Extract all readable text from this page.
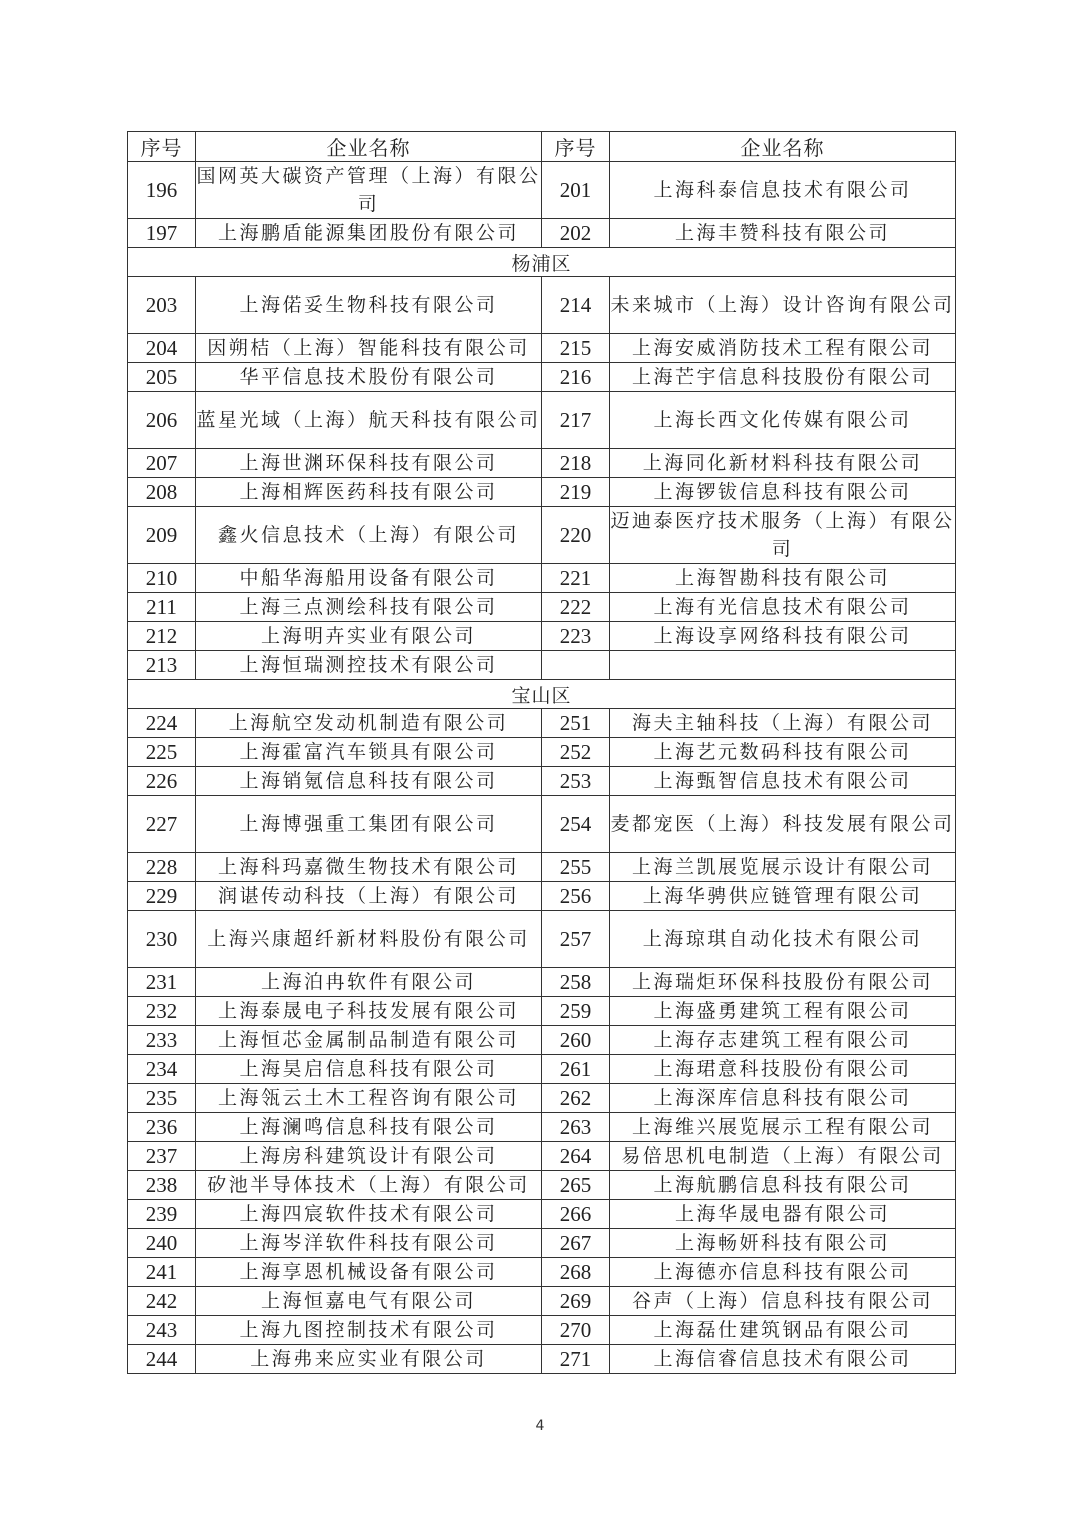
序号	企业名称	序号	企业名称
196	国网英大碳资产管理（上海）有限公司	201	上海科泰信息技术有限公司
197	上海鹏盾能源集团股份有限公司	202	上海丰赞科技有限公司
杨浦区			
203	上海偌妥生物科技有限公司	214	未来城市（上海）设计咨询有限公司
204	因朔桔（上海）智能科技有限公司	215	上海安威消防技术工程有限公司
205	华平信息技术股份有限公司	216	上海芒宇信息科技股份有限公司
206	蓝星光域（上海）航天科技有限公司	217	上海长西文化传媒有限公司
207	上海世渊环保科技有限公司	218	上海同化新材料科技有限公司
208	上海相辉医药科技有限公司	219	上海锣钹信息科技有限公司
209	鑫火信息技术（上海）有限公司	220	迈迪泰医疗技术服务（上海）有限公司
210	中船华海船用设备有限公司	221	上海智勘科技有限公司
211	上海三点测绘科技有限公司	222	上海有光信息技术有限公司
212	上海明卉实业有限公司	223	上海设享网络科技有限公司
213	上海恒瑞测控技术有限公司		
宝山区			
224	上海航空发动机制造有限公司	251	海夫主轴科技（上海）有限公司
225	上海霍富汽车锁具有限公司	252	上海艺元数码科技有限公司
226	上海销氪信息科技有限公司	253	上海甄智信息技术有限公司
227	上海博强重工集团有限公司	254	麦都宠医（上海）科技发展有限公司
228	上海科玛嘉微生物技术有限公司	255	上海兰凯展览展示设计有限公司
229	润谌传动科技（上海）有限公司	256	上海华骋供应链管理有限公司
230	上海兴康超纤新材料股份有限公司	257	上海琼琪自动化技术有限公司
231	上海泊冉软件有限公司	258	上海瑞炬环保科技股份有限公司
232	上海泰晟电子科技发展有限公司	259	上海盛勇建筑工程有限公司
233	上海恒芯金属制品制造有限公司	260	上海存志建筑工程有限公司
234	上海昊启信息科技有限公司	261	上海珺意科技股份有限公司
235	上海瓴云土木工程咨询有限公司	262	上海深库信息科技有限公司
236	上海澜鸣信息科技有限公司	263	上海维兴展览展示工程有限公司
237	上海房科建筑设计有限公司	264	易倍思机电制造（上海）有限公司
238	矽池半导体技术（上海）有限公司	265	上海航鹏信息科技有限公司
239	上海四宸软件技术有限公司	266	上海华晟电器有限公司
240	上海岑洋软件科技有限公司	267	上海畅妍科技有限公司
241	上海享恩机械设备有限公司	268	上海德亦信息科技有限公司
242	上海恒嘉电气有限公司	269	谷声（上海）信息科技有限公司
243	上海九图控制技术有限公司	270	上海磊仕建筑钢品有限公司
244	上海弗来应实业有限公司	271	上海信睿信息技术有限公司
4
